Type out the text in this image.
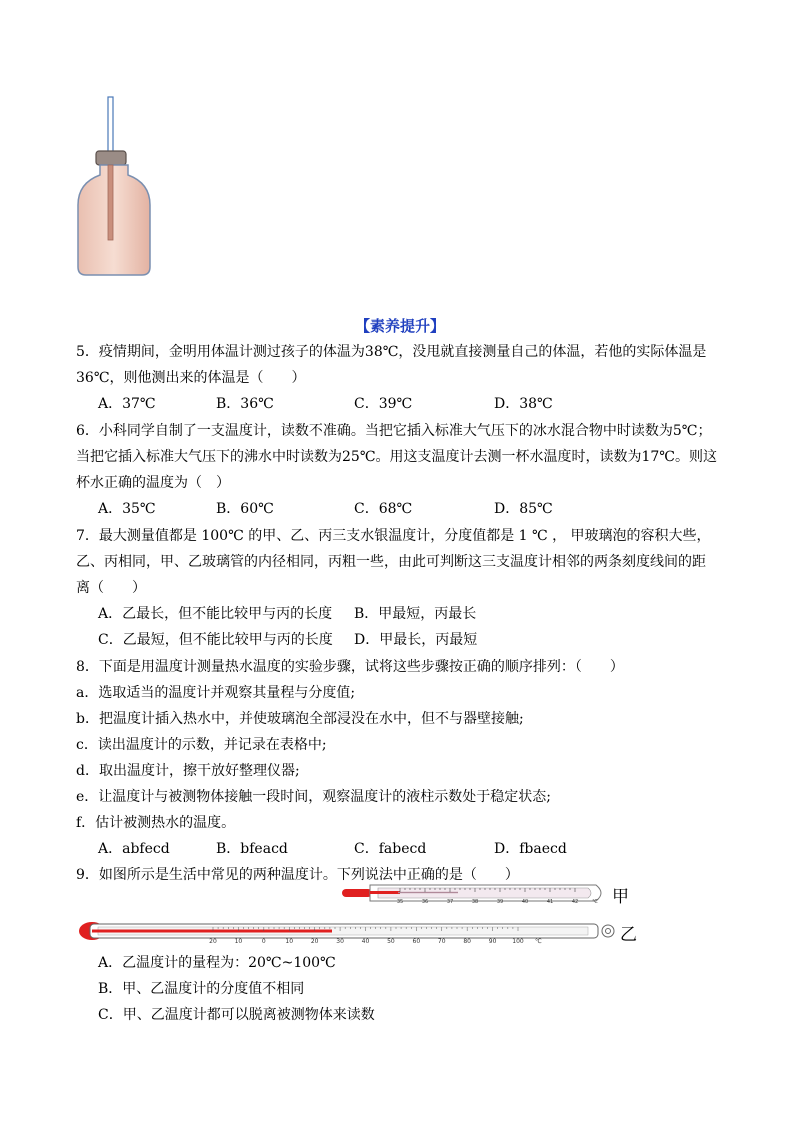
【素养提升】
5．疫情期间，金明用体温计测过孩子的体温为38℃，没甩就直接测量自己的体温，若他的实际体温是
36℃，则他测出来的体温是（　　）
A．37℃	B．36℃	C．39℃	D．38℃
6．小科同学自制了一支温度计，读数不准确。当把它插入标准大气压下的冰水混合物中时读数为5℃；
当把它插入标准大气压下的沸水中时读数为25℃。用这支温度计去测一杯水温度时，读数为17℃。则这
杯水正确的温度为（　）
A．35℃	B．60℃	C．68℃	D．85℃
7．最大测量值都是 100℃ 的甲、乙、丙三支水银温度计，分度值都是 1 ℃ ， 甲玻璃泡的容积大些，
乙、丙相同，甲、乙玻璃管的内径相同，丙粗一些，由此可判断这三支温度计相邻的两条刻度线间的距
离（　　）
A．乙最长，但不能比较甲与丙的长度 B．甲最短，丙最长
C．乙最短，但不能比较甲与丙的长度 D．甲最长，丙最短
8．下面是用温度计测量热水温度的实验步骤，试将这些步骤按正确的顺序排列：（　　）
a．选取适当的温度计并观察其量程与分度值;
b．把温度计插入热水中，并使玻璃泡全部浸没在水中，但不与器壁接触;
c．读出温度计的示数，并记录在表格中;
d．取出温度计，擦干放好整理仪器;
e．让温度计与被测物体接触一段时间，观察温度计的液柱示数处于稳定状态;
f．估计被测热水的温度。
A．abfecd	B．bfeacd	C．fabecd	D．fbaecd
9．如图所示是生活中常见的两种温度计。下列说法中正确的是（　　）
35	36	37	38	39	40	41	42	℃ 甲
20	10	0	10	20	30	40	50	60	70	80	90	100 ℃	乙
A．乙温度计的量程为：20℃~100℃
B．甲、乙温度计的分度值不相同
C．甲、乙温度计都可以脱离被测物体来读数
